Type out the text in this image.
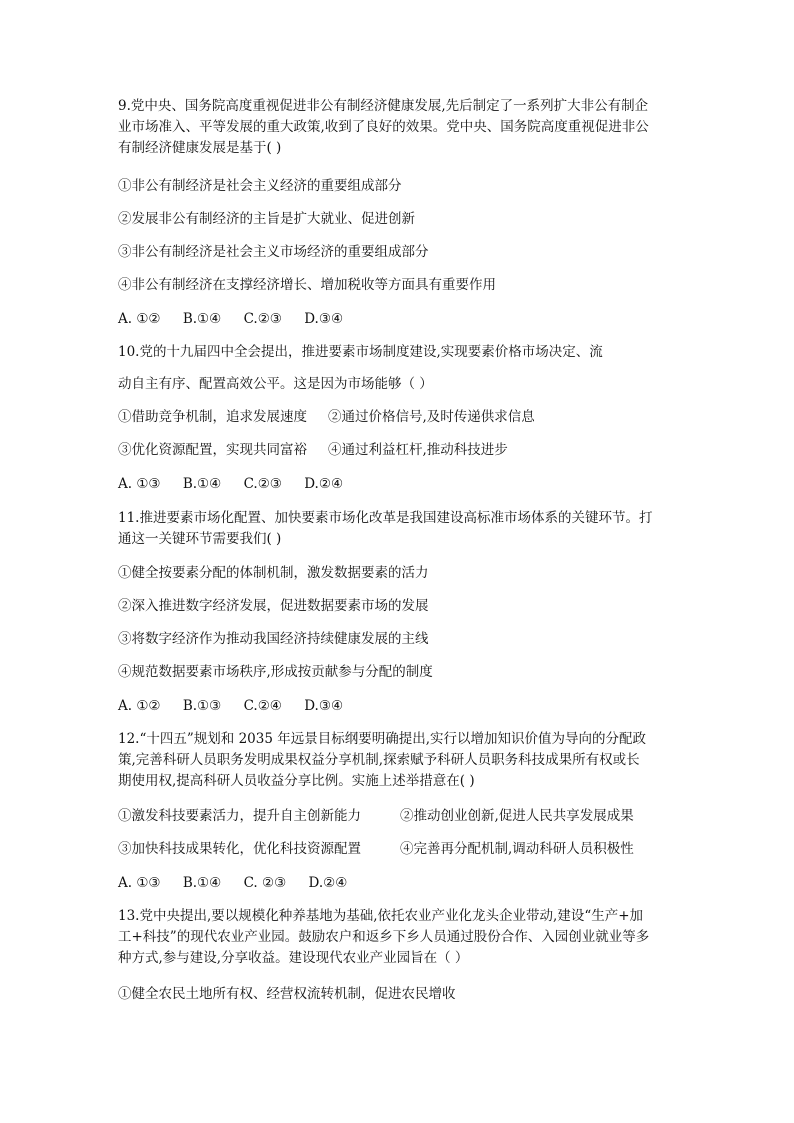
9.党中央、国务院高度重视促进非公有制经济健康发展,先后制定了一系列扩大非公有制企
业市场准入、平等发展的重大政策,收到了良好的效果。党中央、国务院高度重视促进非公
有制经济健康发展是基于( )
①非公有制经济是社会主义经济的重要组成部分
②发展非公有制经济的主旨是扩大就业、促进创新
③非公有制经济是社会主义市场经济的重要组成部分
④非公有制经济在支撑经济增长、增加税收等方面具有重要作用
A. ①② B.①④ C.②③ D.③④
10.党的十九届四中全会提出，推进要素市场制度建设,实现要素价格市场决定、流
动自主有序、配置高效公平。这是因为市场能够（ ）
①借助竞争机制，追求发展速度 ②通过价格信号,及时传递供求信息
③优化资源配置，实现共同富裕 ④通过利益杠杆,推动科技进步
A. ①③ B.①④ C.②③ D.②④
11.推进要素市场化配置、加快要素市场化改革是我国建设高标准市场体系的关键环节。打
通这一关键环节需要我们( )
①健全按要素分配的体制机制，激发数据要素的活力
②深入推进数字经济发展，促进数据要素市场的发展
③将数字经济作为推动我国经济持续健康发展的主线
④规范数据要素市场秩序,形成按贡献参与分配的制度
A. ①② B.①③ C.②④ D.③④
12.“十四五”规划和 2035 年远景目标纲要明确提出,实行以增加知识价值为导向的分配政
策,完善科研人员职务发明成果权益分享机制,探索赋予科研人员职务科技成果所有权或长
期使用权,提高科研人员收益分享比例。实施上述举措意在( )
①激发科技要素活力，提升自主创新能力	②推动创业创新,促进人民共享发展成果
③加快科技成果转化，优化科技资源配置	④完善再分配机制,调动科研人员积极性
A. ①③ B.①④ C. ②③ D.②④
13.党中央提出,要以规模化种养基地为基础,依托农业产业化龙头企业带动,建设“生产+加
工+科技”的现代农业产业园。鼓励农户和返乡下乡人员通过股份合作、入园创业就业等多
种方式,参与建设,分享收益。建设现代农业产业园旨在（ ）
①健全农民土地所有权、经营权流转机制，促进农民增收
